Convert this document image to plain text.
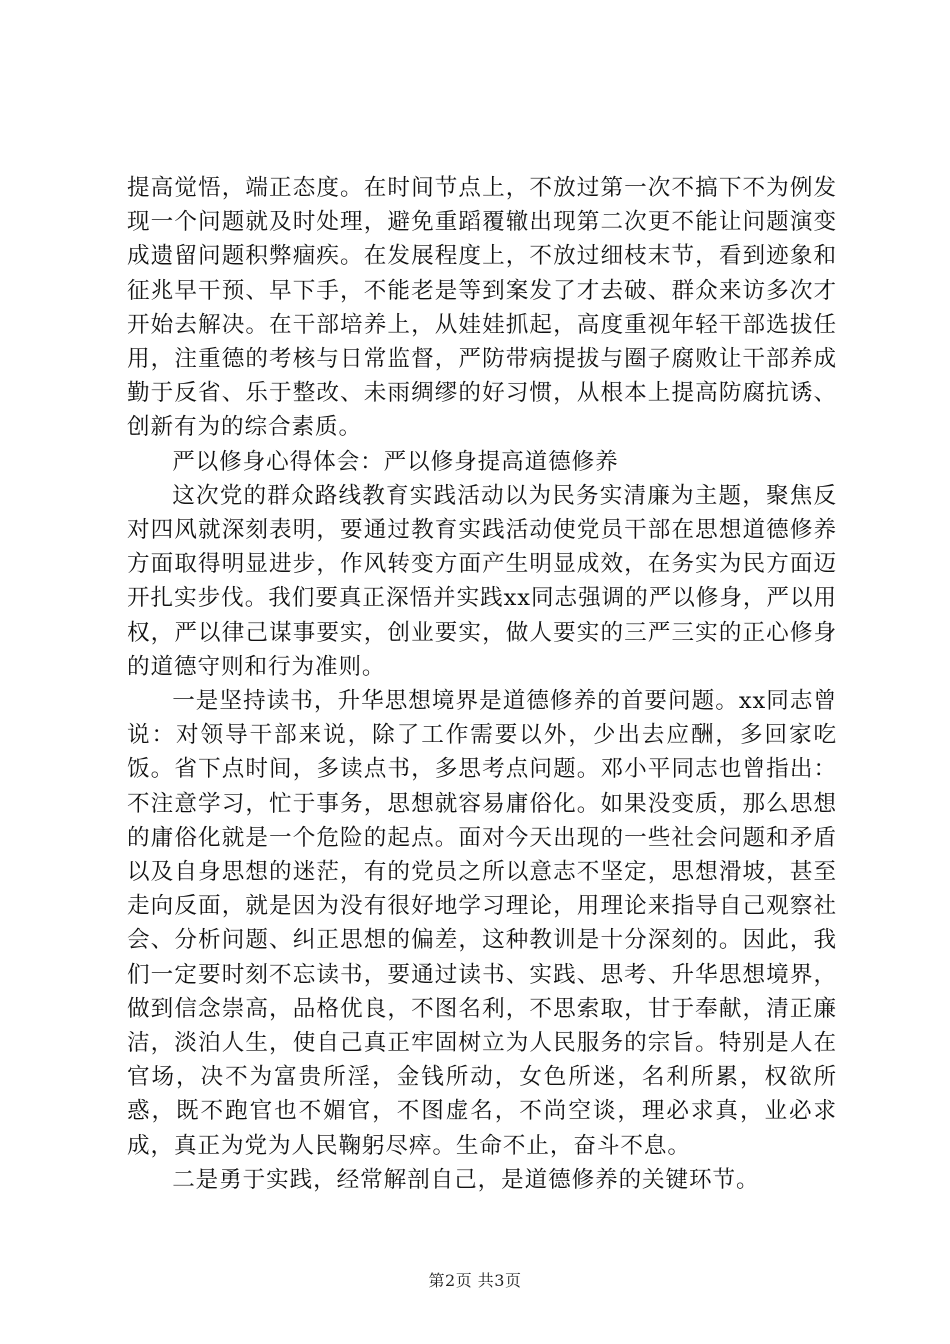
提高觉悟，端正态度。在时间节点上，不放过第一次不搞下不为例发现一个问题就及时处理，避免重蹈覆辙出现第二次更不能让问题演变成遗留问题积弊痼疾。在发展程度上，不放过细枝末节，看到迹象和征兆早干预、早下手，不能老是等到案发了才去破、群众来访多次才开始去解决。在干部培养上，从娃娃抓起，高度重视年轻干部选拔任用，注重德的考核与日常监督，严防带病提拔与圈子腐败让干部养成勤于反省、乐于整改、未雨绸缪的好习惯，从根本上提高防腐抗诱、创新有为的综合素质。

严以修身心得体会：严以修身提高道德修养

这次党的群众路线教育实践活动以为民务实清廉为主题，聚焦反对四风就深刻表明，要通过教育实践活动使党员干部在思想道德修养方面取得明显进步，作风转变方面产生明显成效，在务实为民方面迈开扎实步伐。我们要真正深悟并实践xx同志强调的严以修身，严以用权，严以律己谋事要实，创业要实，做人要实的三严三实的正心修身的道德守则和行为准则。

一是坚持读书，升华思想境界是道德修养的首要问题。xx同志曾说：对领导干部来说，除了工作需要以外，少出去应酬，多回家吃饭。省下点时间，多读点书，多思考点问题。邓小平同志也曾指出：不注意学习，忙于事务，思想就容易庸俗化。如果没变质，那么思想的庸俗化就是一个危险的起点。面对今天出现的一些社会问题和矛盾以及自身思想的迷茫，有的党员之所以意志不坚定，思想滑坡，甚至走向反面，就是因为没有很好地学习理论，用理论来指导自己观察社会、分析问题、纠正思想的偏差，这种教训是十分深刻的。因此，我们一定要时刻不忘读书，要通过读书、实践、思考、升华思想境界，做到信念崇高，品格优良，不图名利，不思索取，甘于奉献，清正廉洁，淡泊人生，使自己真正牢固树立为人民服务的宗旨。特别是人在官场，决不为富贵所淫，金钱所动，女色所迷，名利所累，权欲所惑，既不跑官也不媚官，不图虚名，不尚空谈，理必求真，业必求成，真正为党为人民鞠躬尽瘁。生命不止，奋斗不息。

二是勇于实践，经常解剖自己，是道德修养的关键环节。

第2页 共3页
